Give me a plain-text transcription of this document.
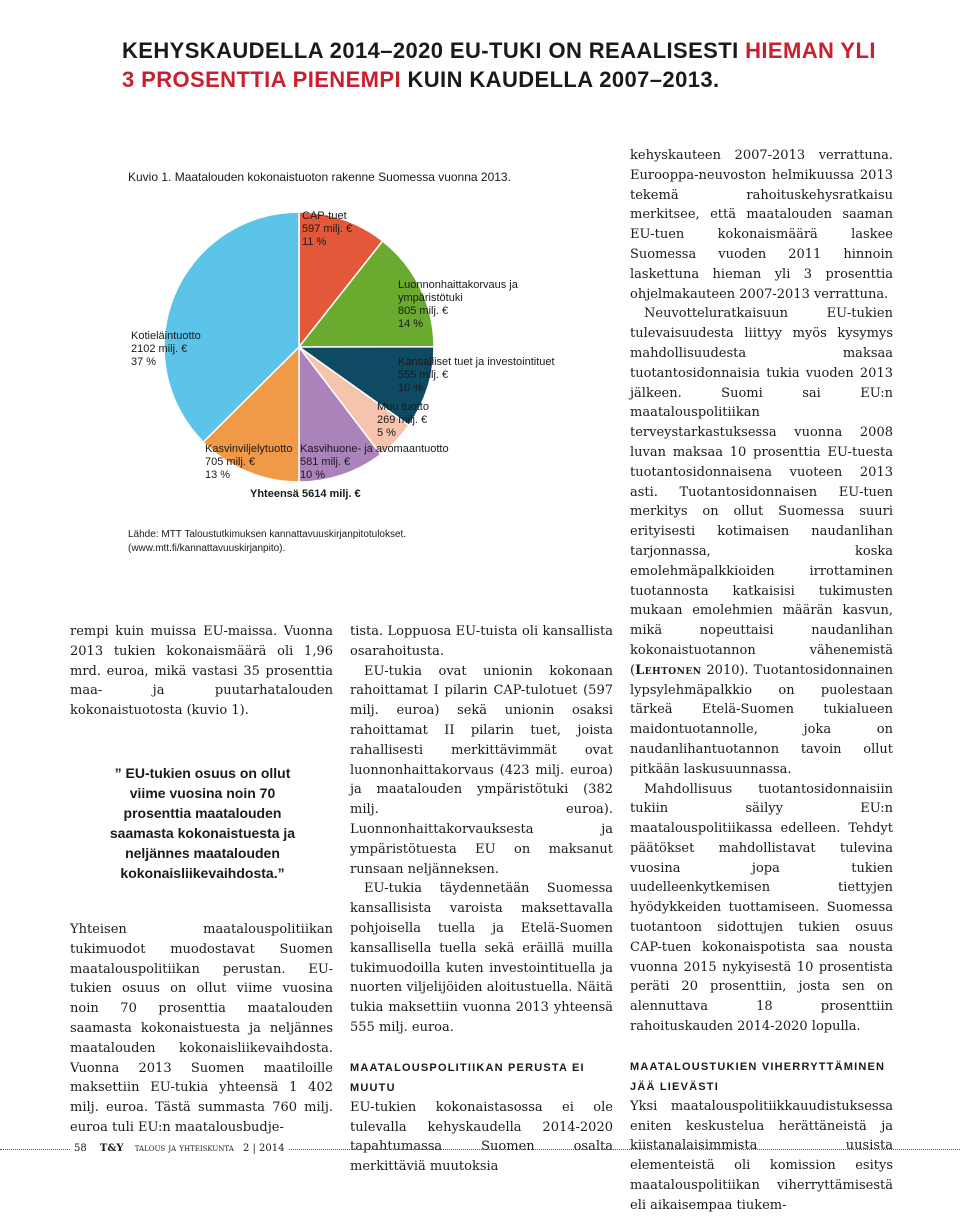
KEHYSKAUDELLA 2014–2020 EU-TUKI ON REAALISESTI HIEMAN YLI 3 PROSENTTIA PIENEMPI KUIN KAUDELLA 2007–2013.
Kuvio 1. Maatalouden kokonaistuoton rakenne Suomessa vuonna 2013.
CAP-tuet
597 milj. €
11 %
Luonnonhaittakorvaus ja ympäristötuki
805 milj. €
14 %
Kansalliset tuet ja investointituet
555 milj. €
10 %
Muu tuotto
269 milj. €
5 %
Kasvihuone- ja avomaantuotto
581 milj. €
10 %
Kasvinviljelytuotto
705 milj. €
13 %
Kotieläintuotto
2102 milj. €
37 %
Yhteensä 5614 milj. €
Lähde: MTT Taloustutkimuksen kannattavuuskirjanpitotulokset.
(www.mtt.fi/kannattavuuskirjanpito).

rempi kuin muissa EU-maissa. Vuonna 2013 tukien kokonaismäärä oli 1,96 mrd. euroa, mikä vastasi 35 prosenttia maa- ja puutarhatalouden kokonaistuotosta (kuvio 1).

” EU-tukien osuus on ollut viime vuosina noin 70 prosenttia maatalouden saamasta kokonaistuesta ja neljännes maatalouden kokonaisliikevaihdosta.”

Yhteisen maatalouspolitiikan tukimuodot muodostavat Suomen maatalouspolitiikan perustan. EU-tukien osuus on ollut viime vuosina noin 70 prosenttia maatalouden saamasta kokonaistuesta ja neljännes maatalouden kokonaisliikevaihdosta. Vuonna 2013 Suomen maatiloille maksettiin EU-tukia yhteensä 1 402 milj. euroa. Tästä summasta 760 milj. euroa tuli EU:n maatalousbudje-

tista. Loppuosa EU-tuista oli kansallista osarahoitusta.

EU-tukia ovat unionin kokonaan rahoittamat I pilarin CAP-tulotuet (597 milj. euroa) sekä unionin osaksi rahoittamat II pilarin tuet, joista rahallisesti merkittävimmät ovat luonnonhaittakorvaus (423 milj. euroa) ja maatalouden ympäristötuki (382 milj. euroa). Luonnonhaittakorvauksesta ja ympäristötuesta EU on maksanut runsaan neljänneksen.

EU-tukia täydennetään Suomessa kansallisista varoista maksettavalla pohjoisella tuella ja Etelä-Suomen kansallisella tuella sekä eräillä muilla tukimuodoilla kuten investointituella ja nuorten viljelijöiden aloitustuella. Näitä tukia maksettiin vuonna 2013 yhteensä 555 milj. euroa.

MAATALOUSPOLITIIKAN PERUSTA EI MUUTU

EU-tukien kokonaistasossa ei ole tulevalla kehyskaudella 2014-2020 tapahtumassa Suomen osalta merkittäviä muutoksia

kehyskauteen 2007-2013 verrattuna. Eurooppa-neuvoston helmikuussa 2013 tekemä rahoituskehysratkaisu merkitsee, että maatalouden saaman EU-tuen kokonaismäärä laskee Suomessa vuoden 2011 hinnoin laskettuna hieman yli 3 prosenttia ohjelmakauteen 2007-2013 verrattuna.

Neuvotteluratkaisuun EU-tukien tulevaisuudesta liittyy myös kysymys mahdollisuudesta maksaa tuotantosidonnaisia tukia vuoden 2013 jälkeen. Suomi sai EU:n maatalouspolitiikan terveystarkastuksessa vuonna 2008 luvan maksaa 10 prosenttia EU-tuesta tuotantosidonnaisena vuoteen 2013 asti. Tuotantosidonnaisen EU-tuen merkitys on ollut Suomessa suuri erityisesti kotimaisen naudanlihan tarjonnassa, koska emolehmäpalkkioiden irrottaminen tuotannosta katkaisisi tukimusten mukaan emolehmien määrän kasvun, mikä nopeuttaisi naudanlihan kokonaistuotannon vähenemistä (Lehtonen 2010). Tuotantosidonnainen lypsylehmäpalkkio on puolestaan tärkeä Etelä-Suomen tukialueen maidontuotannolle, joka on naudanlihantuotannon tavoin ollut pitkään laskusuunnassa.

Mahdollisuus tuotantosidonnaisiin tukiin säilyy EU:n maatalouspolitiikassa edelleen. Tehdyt päätökset mahdollistavat tulevina vuosina jopa tukien uudelleenkytkemisen tiettyjen hyödykkeiden tuottamiseen. Suomessa tuotantoon sidottujen tukien osuus CAP-tuen kokonaispotista saa nousta vuonna 2015 nykyisestä 10 prosentista peräti 20 prosenttiin, josta sen on alennuttava 18 prosenttiin rahoituskauden 2014-2020 lopulla.

MAATALOUSTUKIEN VIHERRYTTÄMINEN JÄÄ LIEVÄSTI

Yksi maatalouspolitiikkauudistuksessa eniten keskustelua herättäneistä ja kiistanalaisimmista uusista elementeistä oli komission esitys maatalouspolitiikan viherryttämisestä eli aikaisempaa tiukem-

58 T&Y talous ja yhteiskunta 2 | 2014
